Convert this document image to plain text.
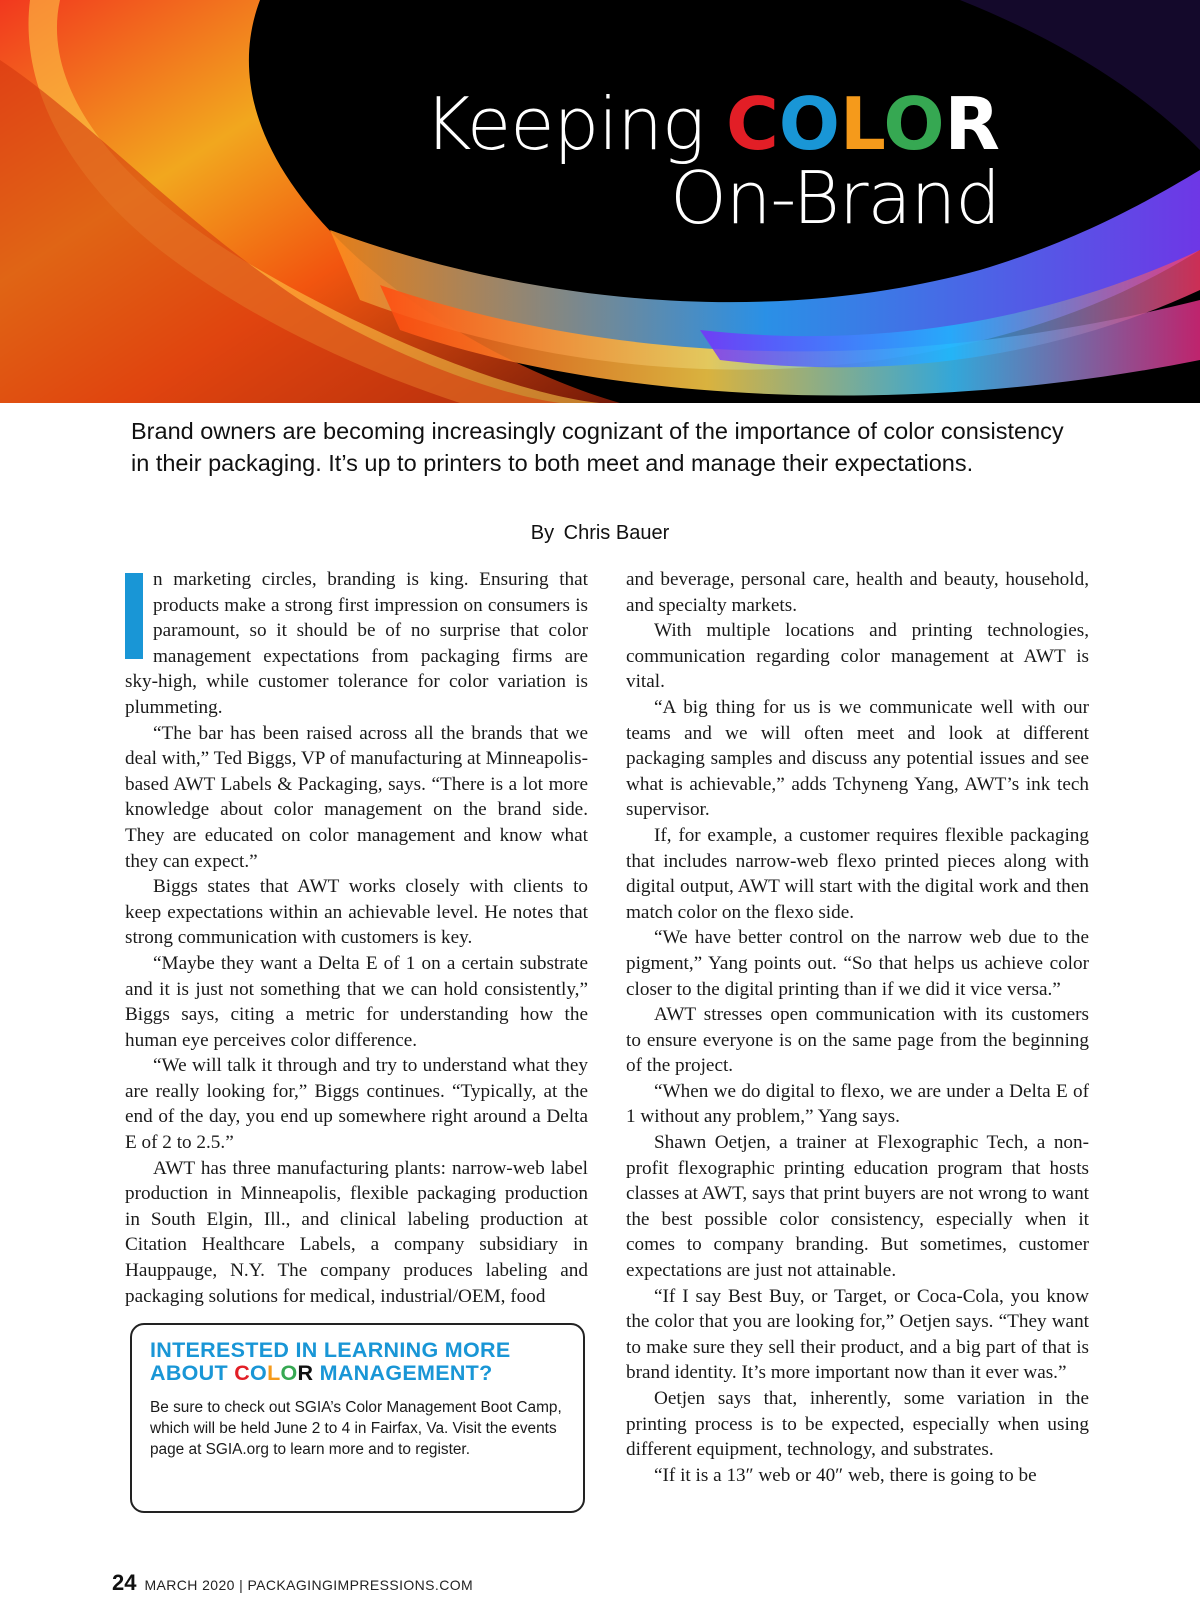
Keeping COLOR
On-Brand
Brand owners are becoming increasingly cognizant of the importance of color consistency in their packaging. It’s up to printers to both meet and manage their expectations.
By Chris Bauer

n marketing circles, branding is king. Ensuring that products make a strong first impression on consumers is paramount, so it should be of no surprise that color management expectations from packaging firms are sky-high, while customer tolerance for color variation is plummeting.

“The bar has been raised across all the brands that we deal with,” Ted Biggs, VP of manufacturing at Minneapolis-based AWT Labels & Packaging, says. “There is a lot more knowledge about color management on the brand side. They are educated on color management and know what they can expect.”

Biggs states that AWT works closely with clients to keep expectations within an achievable level. He notes that strong communication with customers is key.

“Maybe they want a Delta E of 1 on a certain substrate and it is just not something that we can hold consistently,” Biggs says, citing a metric for understanding how the human eye perceives color difference.

“We will talk it through and try to understand what they are really looking for,” Biggs continues. “Typically, at the end of the day, you end up somewhere right around a Delta E of 2 to 2.5.”

AWT has three manufacturing plants: narrow-web label production in Minneapolis, flexible packaging production in South Elgin, Ill., and clinical labeling production at Citation Healthcare Labels, a company subsidiary in Hauppauge, N.Y. The company produces labeling and packaging solutions for medical, industrial/OEM, food

and beverage, personal care, health and beauty, household, and specialty markets.

With multiple locations and printing technologies, communication regarding color management at AWT is vital.

“A big thing for us is we communicate well with our teams and we will often meet and look at different packaging samples and discuss any potential issues and see what is achievable,” adds Tchyneng Yang, AWT’s ink tech supervisor.

If, for example, a customer requires flexible packaging that includes narrow-web flexo printed pieces along with digital output, AWT will start with the digital work and then match color on the flexo side.

“We have better control on the narrow web due to the pigment,” Yang points out. “So that helps us achieve color closer to the digital printing than if we did it vice versa.”

AWT stresses open communication with its customers to ensure everyone is on the same page from the beginning of the project.

“When we do digital to flexo, we are under a Delta E of 1 without any problem,” Yang says.

Shawn Oetjen, a trainer at Flexographic Tech, a non-profit flexographic printing education program that hosts classes at AWT, says that print buyers are not wrong to want the best possible color consistency, especially when it comes to company branding. But sometimes, customer expectations are just not attainable.

“If I say Best Buy, or Target, or Coca-Cola, you know the color that you are looking for,” Oetjen says. “They want to make sure they sell their product, and a big part of that is brand identity. It’s more important now than it ever was.”

Oetjen says that, inherently, some variation in the printing process is to be expected, especially when using different equipment, technology, and substrates.

“If it is a 13″ web or 40″ web, there is going to be

INTERESTED IN LEARNING MORE
ABOUT COLOR MANAGEMENT?
Be sure to check out SGIA’s Color Management Boot Camp, which will be held June 2 to 4 in Fairfax, Va. Visit the events page at SGIA.org to learn more and to register.
24 MARCH 2020 | PACKAGINGIMPRESSIONS.COM
